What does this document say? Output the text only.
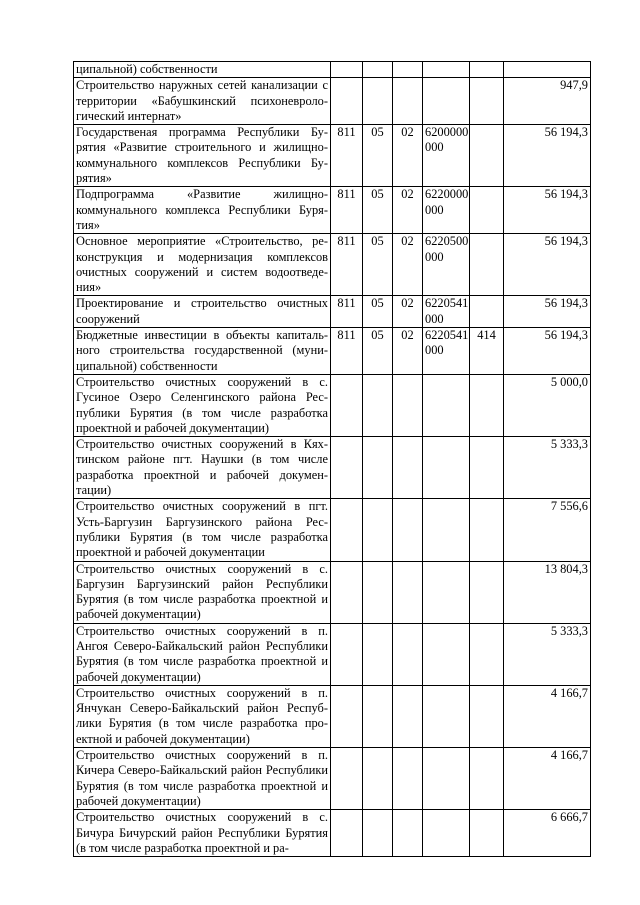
ципальной) собственности						
Строительство наружных сетей канализации с территории «Бабушкинский психоневрологический интернат»						947,9
Государственая программа Республики Бурятия «Развитие строительного и жилищно-коммунального комплексов Республики Бурятия»	811	05	02	6200000 000		56 194,3
Подпрограмма «Развитие жилищно-коммунального комплекса Республики Бурятия»	811	05	02	6220000 000		56 194,3
Основное мероприятие «Строительство, реконструкция и модернизация комплексов очистных сооружений и систем водоотведения»	811	05	02	6220500 000		56 194,3
Проектирование и строительство очистных сооружений	811	05	02	6220541 000		56 194,3
Бюджетные инвестиции в объекты капитального строительства государственной (муниципальной) собственности	811	05	02	6220541 000	414	56 194,3
Строительство очистных сооружений в с. Гусиное Озеро Селенгинского района Республики Бурятия (в том числе разработка проектной и рабочей документации)						5 000,0
Строительство очистных сооружений в Кяхтинском районе пгт. Наушки (в том числе разработка проектной и рабочей документации)						5 333,3
Строительство очистных сооружений в пгт. Усть-Баргузин Баргузинского района Республики Бурятия (в том числе разработка проектной и рабочей документации						7 556,6
Строительство очистных сооружений в с. Баргузин Баргузинский район Республики Бурятия (в том числе разработка проектной и рабочей документации)						13 804,3
Строительство очистных сооружений в п. Ангоя Северо-Байкальский район Республики Бурятия (в том числе разработка проектной и рабочей документации)						5 333,3
Строительство очистных сооружений в п. Янчукан Северо-Байкальский район Республики Бурятия (в том числе разработка проектной и рабочей документации)						4 166,7
Строительство очистных сооружений в п. Кичера Северо-Байкальский район Республики Бурятия (в том числе разработка проектной и рабочей документации)						4 166,7
Строительство очистных сооружений в с. Бичура Бичурский район Республики Бурятия (в том числе разработка проектной и ра-						6 666,7
